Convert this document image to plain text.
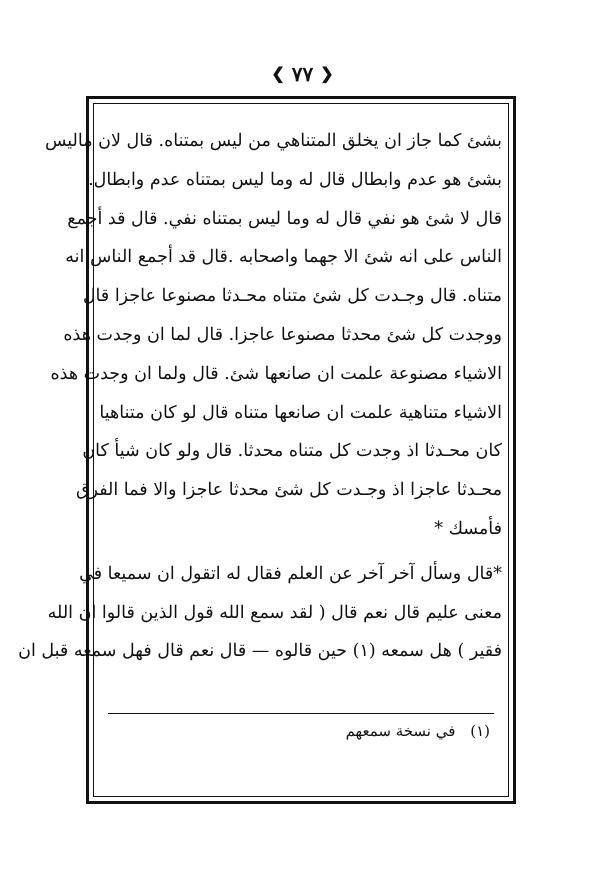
❮ ٧٧ ❯
بشئ كما جاز ان يخلق المتناهي من ليس بمتناه. قال لان ماليس
بشئ هو عدم وابطال قال له وما ليس بمتناه عدم وابطال.
قال لا شئ هو نفي قال له وما ليس بمتناه نفي. قال قد أجمع
الناس على انه شئ الا جهما واصحابه .قال قد أجمع الناس انه
متناه. قال وجـدت كل شئ متناه محـدثا مصنوعا عاجزا قال
ووجدت كل شئ محدثا مصنوعا عاجزا. قال لما ان وجدت هذه
الاشياء مصنوعة علمت ان صانعها شئ. قال ولما ان وجدت هذه
الاشياء متناهية علمت ان صانعها متناه قال لو كان متناهيا
كان محـدثا اذ وجدت كل متناه محدثا. قال ولو كان شيأ كان
محـدثا عاجزا اذ وجـدت كل شئ محدثا عاجزا والا فما الفرق
فأمسك *
*قال وسأل آخر آخر عن العلم فقال له اتقول ان سميعا في
معنى عليم قال نعم قال ( لقد سمع الله قول الذين قالوا ان الله
فقير ) هل سمعه (١) حين قالوه — قال نعم قال فهل سمعه قبل ان
(١) في نسخة سمعهم
